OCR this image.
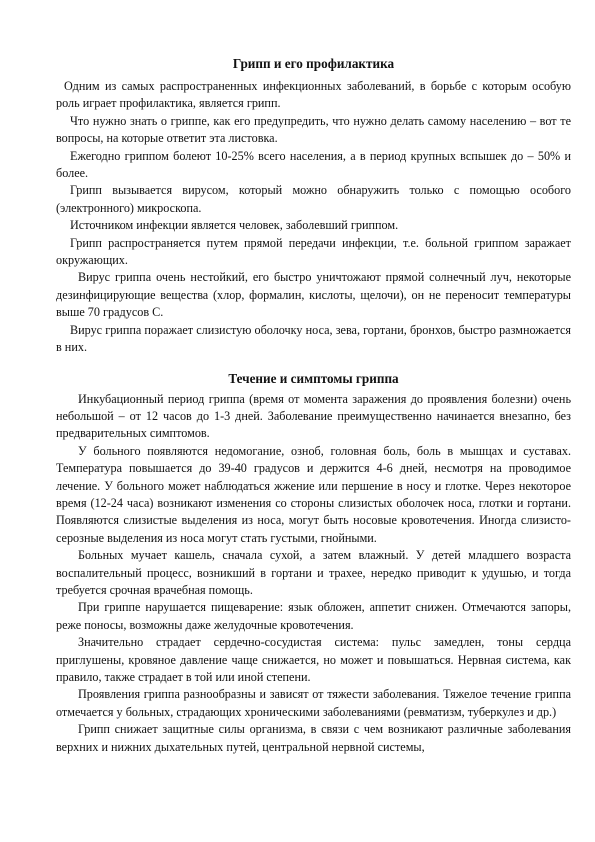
Грипп и его профилактика

Одним из самых распространенных инфекционных заболеваний, в борьбе с которым особую роль играет профилактика, является грипп.

Что нужно знать о гриппе, как его предупредить, что нужно делать самому населению – вот те вопросы, на которые ответит эта листовка.

Ежегодно гриппом болеют 10-25% всего населения, а в период крупных вспышек до – 50% и более.

Грипп вызывается вирусом, который можно обнаружить только с помощью особого (электронного) микроскопа.

Источником инфекции является человек, заболевший гриппом.

Грипп распространяется путем прямой передачи инфекции, т.е. больной гриппом заражает окружающих.

Вирус гриппа очень нестойкий, его быстро уничтожают прямой солнечный луч, некоторые дезинфицирующие вещества (хлор, формалин, кислоты, щелочи), он не переносит температуры выше 70 градусов С.

Вирус гриппа поражает слизистую оболочку носа, зева, гортани, бронхов, быстро размножается в них.

Течение и симптомы гриппа

Инкубационный период гриппа (время от момента заражения до проявления болезни) очень небольшой – от 12 часов до 1-3 дней. Заболевание преимущественно начинается внезапно, без предварительных симптомов.

У больного появляются недомогание, озноб, головная боль, боль в мышцах и суставах. Температура повышается до 39-40 градусов и держится 4-6 дней, несмотря на проводимое лечение. У больного может наблюдаться жжение или першение в носу и глотке. Через некоторое время (12-24 часа) возникают изменения со стороны слизистых оболочек носа, глотки и гортани. Появляются слизистые выделения из носа, могут быть носовые кровотечения. Иногда слизисто-серозные выделения из носа могут стать густыми, гнойными.

Больных мучает кашель, сначала сухой, а затем влажный. У детей младшего возраста воспалительный процесс, возникший в гортани и трахее, нередко приводит к удушью, и тогда требуется срочная врачебная помощь.

При гриппе нарушается пищеварение: язык обложен, аппетит снижен. Отмечаются запоры, реже поносы, возможны даже желудочные кровотечения.

Значительно страдает сердечно-сосудистая система: пульс замедлен, тоны сердца приглушены, кровяное давление чаще снижается, но может и повышаться. Нервная система, как правило, также страдает в той или иной степени.

Проявления гриппа разнообразны и зависят от тяжести заболевания. Тяжелое течение гриппа отмечается у больных, страдающих хроническими заболеваниями (ревматизм, туберкулез и др.)

Грипп снижает защитные силы организма, в связи с чем возникают различные заболевания верхних и нижних дыхательных путей, центральной нервной системы,
